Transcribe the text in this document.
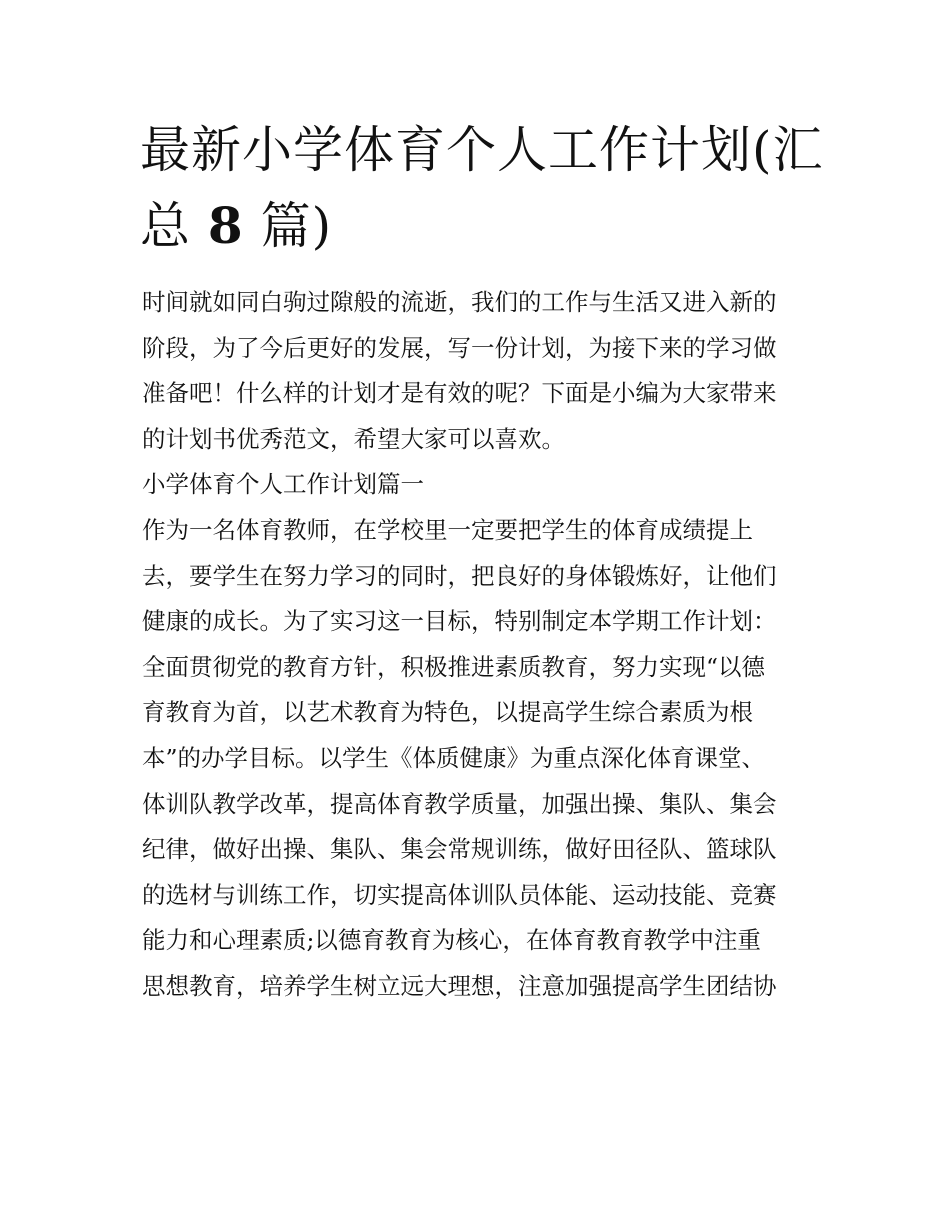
最新小学体育个人工作计划(汇
总 8 篇)
时间就如同白驹过隙般的流逝，我们的工作与生活又进入新的
阶段，为了今后更好的发展，写一份计划，为接下来的学习做
准备吧！什么样的计划才是有效的呢？下面是小编为大家带来
的计划书优秀范文，希望大家可以喜欢。
小学体育个人工作计划篇一
作为一名体育教师，在学校里一定要把学生的体育成绩提上
去，要学生在努力学习的同时，把良好的身体锻炼好，让他们
健康的成长。为了实习这一目标，特别制定本学期工作计划：
全面贯彻党的教育方针，积极推进素质教育，努力实现“以德
育教育为首，以艺术教育为特色，以提高学生综合素质为根
本”的办学目标。以学生《体质健康》为重点深化体育课堂、
体训队教学改革，提高体育教学质量，加强出操、集队、集会
纪律，做好出操、集队、集会常规训练，做好田径队、篮球队
的选材与训练工作，切实提高体训队员体能、运动技能、竞赛
能力和心理素质;以德育教育为核心，在体育教育教学中注重
思想教育，培养学生树立远大理想，注意加强提高学生团结协
